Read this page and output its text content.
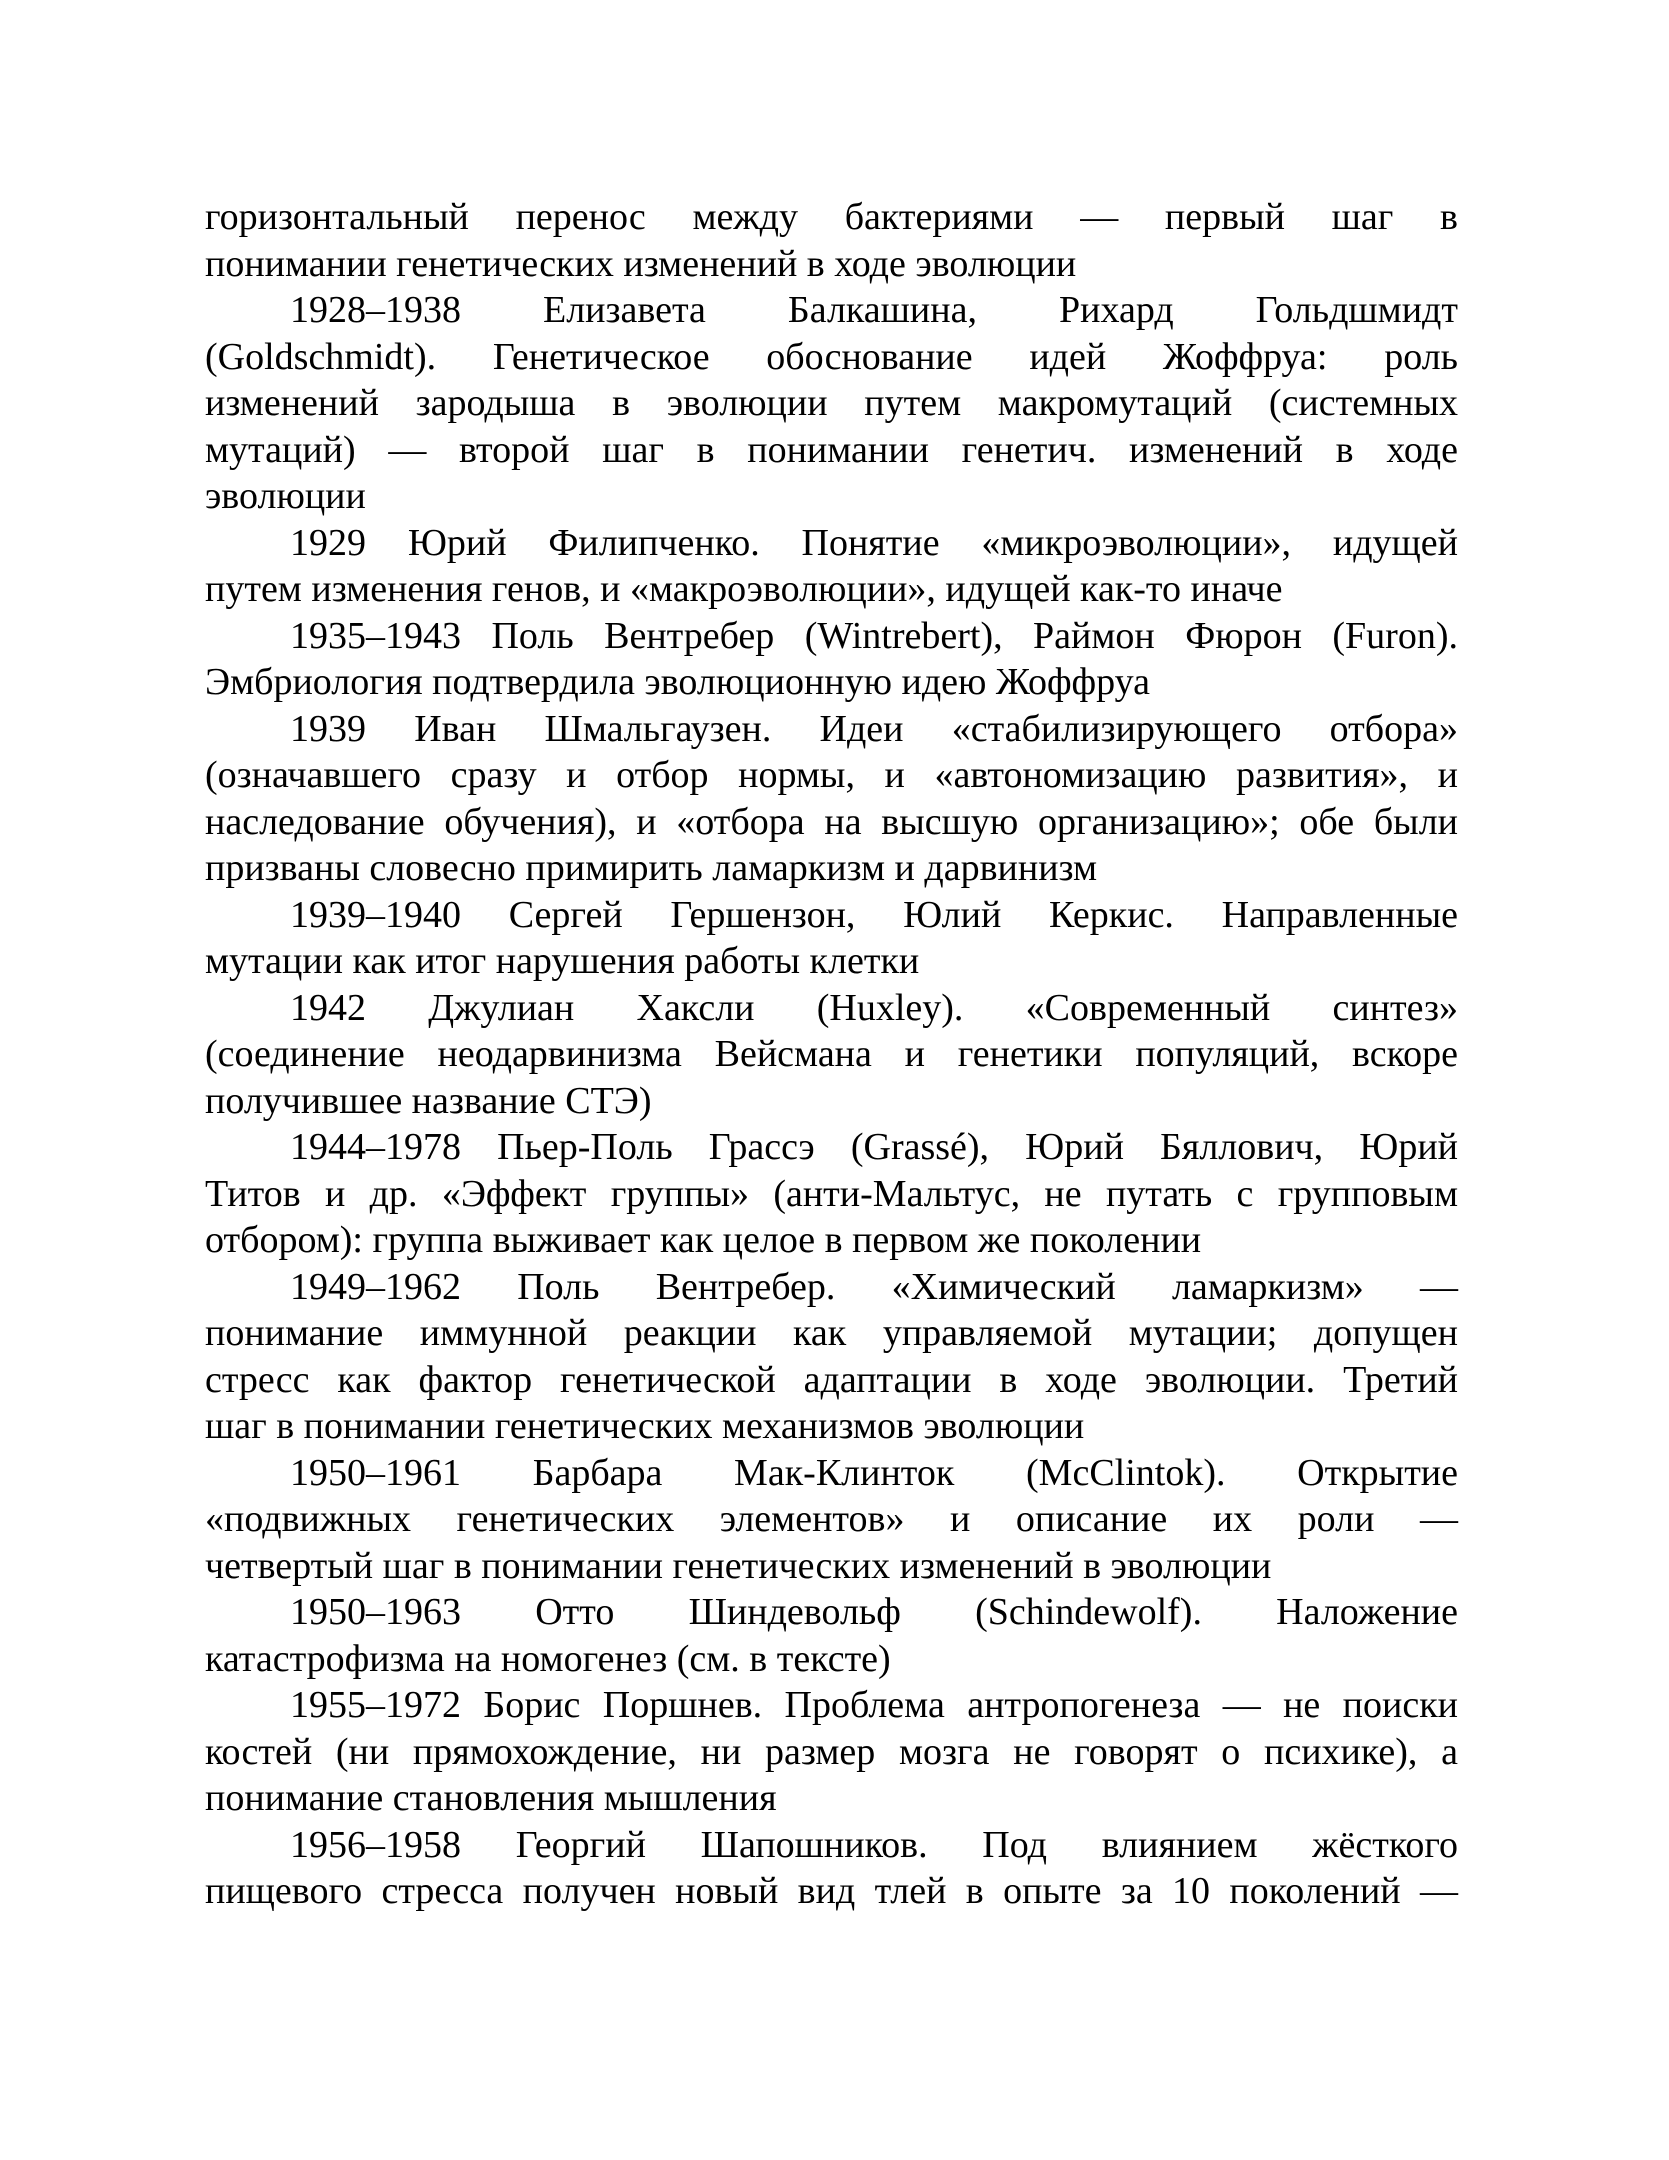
горизонтальный перенос между бактериями — первый шаг в
понимании генетических изменений в ходе эволюции

1928–1938 Елизавета Балкашина, Рихард Гольдшмидт
(Goldschmidt). Генетическое обоснование идей Жоффруа: роль
изменений зародыша в эволюции путем макромутаций (системных
мутаций) — второй шаг в понимании генетич. изменений в ходе
эволюции

1929 Юрий Филипченко. Понятие «микроэволюции», идущей
путем изменения генов, и «макроэволюции», идущей как-то иначе

1935–1943 Поль Вентребер (Wintrebert), Раймон Фюрон (Furon).
Эмбриология подтвердила эволюционную идею Жоффруа

1939 Иван Шмальгаузен. Идеи «стабилизирующего отбора»
(означавшего сразу и отбор нормы, и «автономизацию развития», и
наследование обучения), и «отбора на высшую организацию»; обе были
призваны словесно примирить ламаркизм и дарвинизм

1939–1940 Сергей Гершензон, Юлий Керкис. Направленные
мутации как итог нарушения работы клетки

1942 Джулиан Хаксли (Huxley). «Современный синтез»
(соединение неодарвинизма Вейсмана и генетики популяций, вскоре
получившее название СТЭ)

1944–1978 Пьер-Поль Грассэ (Grassé), Юрий Бяллович, Юрий
Титов и др. «Эффект группы» (анти-Мальтус, не путать с групповым
отбором): группа выживает как целое в первом же поколении

1949–1962 Поль Вентребер. «Химический ламаркизм» —
понимание иммунной реакции как управляемой мутации; допущен
стресс как фактор генетической адаптации в ходе эволюции. Третий
шаг в понимании генетических механизмов эволюции

1950–1961 Барбара Мак-Клинток (McClintok). Открытие
«подвижных генетических элементов» и описание их роли —
четвертый шаг в понимании генетических изменений в эволюции

1950–1963 Отто Шиндевольф (Schindewolf). Наложение
катастрофизма на номогенез (см. в тексте)

1955–1972 Борис Поршнев. Проблема антропогенеза — не поиски
костей (ни прямохождение, ни размер мозга не говорят о психике), а
понимание становления мышления

1956–1958 Георгий Шапошников. Под влиянием жёсткого
пищевого стресса получен новый вид тлей в опыте за 10 поколений —
